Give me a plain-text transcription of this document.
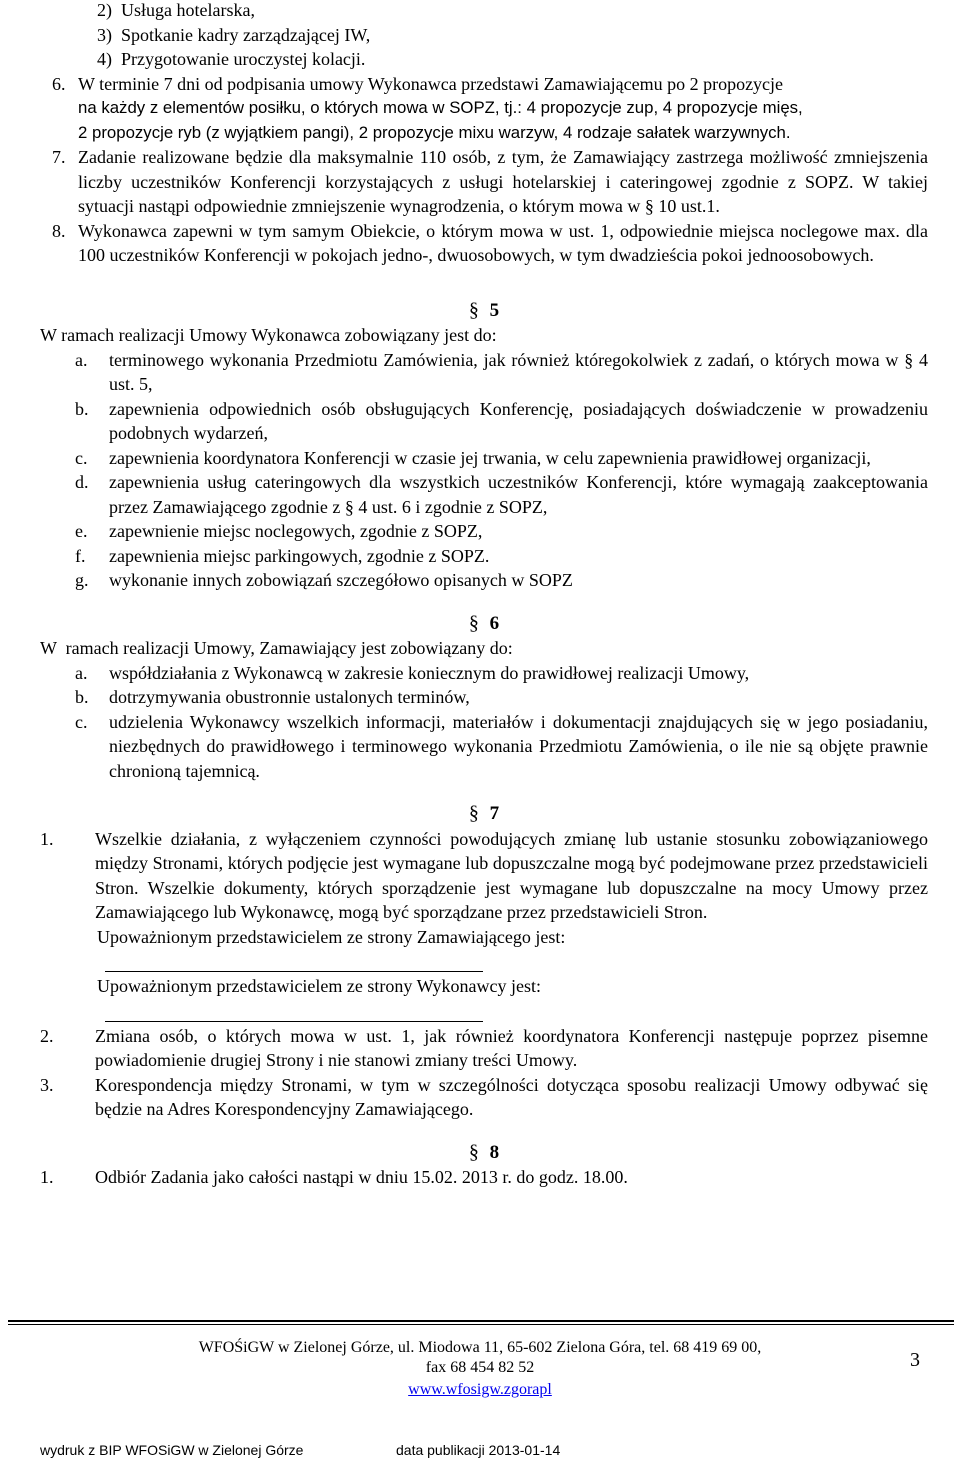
2) Usługa hotelarska,
3) Spotkanie kadry zarządzającej IW,
4) Przygotowanie uroczystej kolacji.
6. W terminie 7 dni od podpisania umowy Wykonawca przedstawi Zamawiającemu po 2 propozycje
na każdy z elementów posiłku, o których mowa w SOPZ, tj.: 4 propozycje zup, 4 propozycje mięs,
2 propozycje ryb (z wyjątkiem pangi), 2 propozycje mixu warzyw, 4 rodzaje sałatek warzywnych.
7. Zadanie realizowane będzie dla maksymalnie 110 osób, z tym, że Zamawiający zastrzega możliwość zmniejszenia liczby uczestników Konferencji korzystających z usługi hotelarskiej i cateringowej zgodnie z SOPZ. W takiej sytuacji nastąpi odpowiednie zmniejszenie wynagrodzenia, o którym mowa w § 10 ust.1.
8. Wykonawca zapewni w tym samym Obiekcie, o którym mowa w ust. 1, odpowiednie miejsca noclegowe max. dla 100 uczestników Konferencji w pokojach jedno-, dwuosobowych, w tym dwadzieścia pokoi jednoosobowych.
§ 5

W ramach realizacji Umowy Wykonawca zobowiązany jest do:

a.	terminowego wykonania Przedmiotu Zamówienia, jak również któregokolwiek z zadań, o których mowa w § 4 ust. 5,
b.	zapewnienia odpowiednich osób obsługujących Konferencję, posiadających doświadczenie w prowadzeniu podobnych wydarzeń,
c.	zapewnienia koordynatora Konferencji w czasie jej trwania, w celu zapewnienia prawidłowej organizacji,
d.	zapewnienia usług cateringowych dla wszystkich uczestników Konferencji, które wymagają zaakceptowania przez Zamawiającego zgodnie z § 4 ust. 6 i zgodnie z SOPZ,
e.	zapewnienie miejsc noclegowych, zgodnie z SOPZ,
f.	zapewnienia miejsc parkingowych, zgodnie z SOPZ.
g.	wykonanie innych zobowiązań szczegółowo opisanych w SOPZ
§ 6

W  ramach realizacji Umowy, Zamawiający jest zobowiązany do:

a.	współdziałania z Wykonawcą w zakresie koniecznym do prawidłowej realizacji Umowy,
b.	dotrzymywania obustronnie ustalonych terminów,
c.	udzielenia Wykonawcy wszelkich informacji, materiałów i dokumentacji znajdujących się w jego posiadaniu, niezbędnych do prawidłowego i terminowego wykonania Przedmiotu Zamówienia, o ile nie są objęte prawnie chronioną tajemnicą.
§ 7
1.	Wszelkie działania, z wyłączeniem czynności powodujących zmianę lub ustanie stosunku zobowiązaniowego między Stronami, których podjęcie jest wymagane lub dopuszczalne mogą być podejmowane przez przedstawicieli Stron. Wszelkie dokumenty, których sporządzenie jest wymagane lub dopuszczalne na mocy Umowy przez Zamawiającego lub Wykonawcę, mogą być sporządzane przez przedstawicieli Stron.

Upoważnionym przedstawicielem ze strony Zamawiającego jest:

Upoważnionym przedstawicielem ze strony Wykonawcy jest:

2.	Zmiana osób, o których mowa w ust. 1, jak również koordynatora Konferencji następuje poprzez pisemne powiadomienie drugiej Strony i nie stanowi zmiany treści Umowy.
3.	Korespondencja między Stronami, w tym w szczególności dotycząca sposobu realizacji Umowy odbywać się będzie na Adres Korespondencyjny Zamawiającego.
§ 8
1.	Odbiór Zadania jako całości nastąpi w dniu 15.02. 2013 r. do godz. 18.00.
WFOŚiGW w Zielonej Górze, ul. Miodowa 11, 65-602 Zielona Góra, tel. 68 419 69 00,
fax 68 454 82 52
www.wfosigw.zgorapl
3
wydruk z BIP WFOSiGW w Zielonej Górze	data publikacji 2013-01-14
